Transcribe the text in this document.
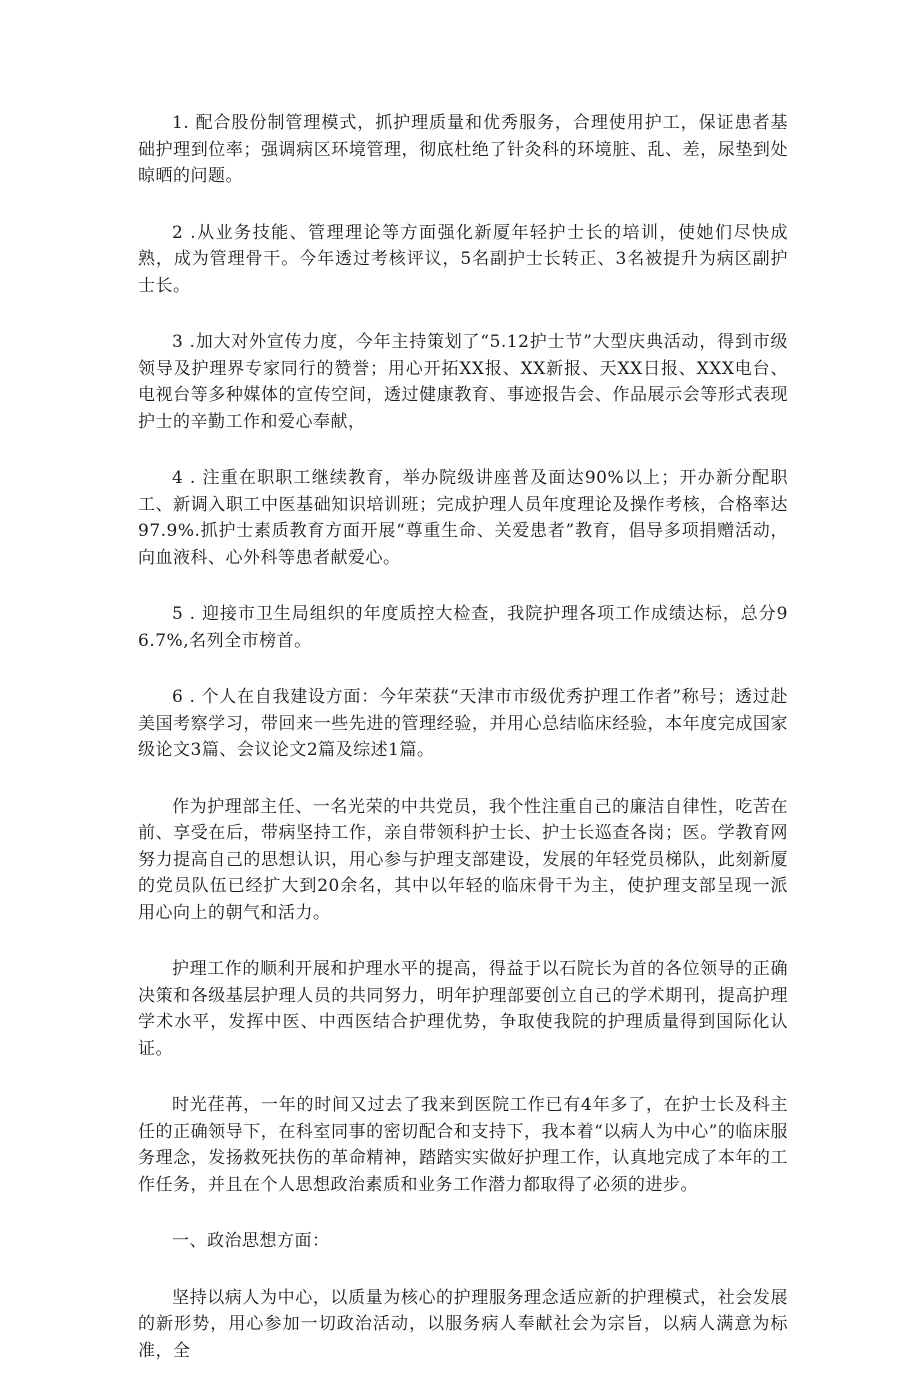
1. 配合股份制管理模式，抓护理质量和优秀服务，合理使用护工，保证患者基础护理到位率；强调病区环境管理，彻底杜绝了针灸科的环境脏、乱、差，尿垫到处晾晒的问题。

2 .从业务技能、管理理论等方面强化新厦年轻护士长的培训，使她们尽快成熟，成为管理骨干。今年透过考核评议，5名副护士长转正、3名被提升为病区副护士长。

3 .加大对外宣传力度，今年主持策划了“5.12护士节”大型庆典活动，得到市级领导及护理界专家同行的赞誉；用心开拓XX报、XX新报、天XX日报、XXX电台、电视台等多种媒体的宣传空间，透过健康教育、事迹报告会、作品展示会等形式表现护士的辛勤工作和爱心奉献，

4 . 注重在职职工继续教育，举办院级讲座普及面达90%以上；开办新分配职工、新调入职工中医基础知识培训班；完成护理人员年度理论及操作考核，合格率达97.9%.抓护士素质教育方面开展“尊重生命、关爱患者”教育，倡导多项捐赠活动，向血液科、心外科等患者献爱心。

5 . 迎接市卫生局组织的年度质控大检查，我院护理各项工作成绩达标，总分96.7%,名列全市榜首。

6 . 个人在自我建设方面：今年荣获“天津市市级优秀护理工作者”称号；透过赴美国考察学习，带回来一些先进的管理经验，并用心总结临床经验，本年度完成国家级论文3篇、会议论文2篇及综述1篇。

作为护理部主任、一名光荣的中共党员，我个性注重自己的廉洁自律性，吃苦在前、享受在后，带病坚持工作，亲自带领科护士长、护士长巡查各岗；医。学教育网努力提高自己的思想认识，用心参与护理支部建设，发展的年轻党员梯队，此刻新厦的党员队伍已经扩大到20余名，其中以年轻的临床骨干为主，使护理支部呈现一派用心向上的朝气和活力。

护理工作的顺利开展和护理水平的提高，得益于以石院长为首的各位领导的正确决策和各级基层护理人员的共同努力，明年护理部要创立自己的学术期刊，提高护理学术水平，发挥中医、中西医结合护理优势，争取使我院的护理质量得到国际化认证。

时光荏苒，一年的时间又过去了我来到医院工作已有4年多了，在护士长及科主任的正确领导下，在科室同事的密切配合和支持下，我本着“以病人为中心”的临床服务理念，发扬救死扶伤的革命精神，踏踏实实做好护理工作，认真地完成了本年的工作任务，并且在个人思想政治素质和业务工作潜力都取得了必须的进步。

一、政治思想方面：

坚持以病人为中心，以质量为核心的护理服务理念适应新的护理模式，社会发展的新形势，用心参加一切政治活动，以服务病人奉献社会为宗旨，以病人满意为标准，全
